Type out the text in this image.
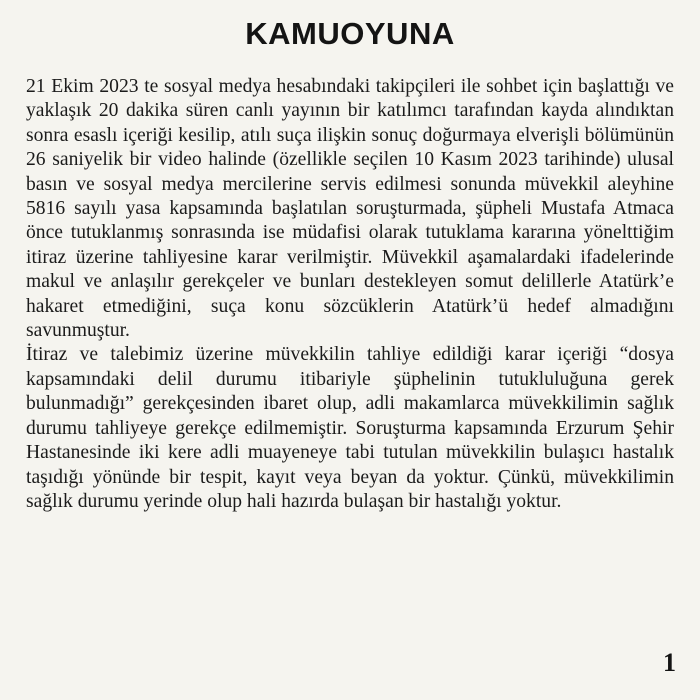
KAMUOYUNA

21 Ekim 2023 te sosyal medya hesabındaki takipçileri ile sohbet için başlattığı ve yaklaşık 20 dakika süren canlı yayının bir katılımcı tarafından kayda alındıktan sonra esaslı içeriği kesilip, atılı suça ilişkin sonuç doğurmaya elverişli bölümünün 26 saniyelik bir video halinde (özellikle seçilen 10 Kasım 2023 tarihinde) ulusal basın ve sosyal medya mercilerine servis edilmesi sonunda müvekkil aleyhine 5816 sayılı yasa kapsamında başlatılan soruşturmada, şüpheli Mustafa Atmaca önce tutuklanmış sonrasında ise müdafisi olarak tutuklama kararına yönelttiğim itiraz üzerine tahliyesine karar verilmiştir. Müvekkil aşamalardaki ifadelerinde makul ve anlaşılır gerekçeler ve bunları destekleyen somut delillerle Atatürk’e hakaret etmediğini, suça konu sözcüklerin Atatürk’ü hedef almadığını savunmuştur.

İtiraz ve talebimiz üzerine müvekkilin tahliye edildiği karar içeriği “dosya kapsamındaki delil durumu itibariyle şüphelinin tutukluluğuna gerek bulunmadığı” gerekçesinden ibaret olup, adli makamlarca müvekkilimin sağlık durumu tahliyeye gerekçe edilmemiştir. Soruşturma kapsamında Erzurum Şehir Hastanesinde iki kere adli muayeneye tabi tutulan müvekkilin bulaşıcı hastalık taşıdığı yönünde bir tespit, kayıt veya beyan da yoktur. Çünkü, müvekkilimin sağlık durumu yerinde olup hali hazırda bulaşan bir hastalığı yoktur.

1
